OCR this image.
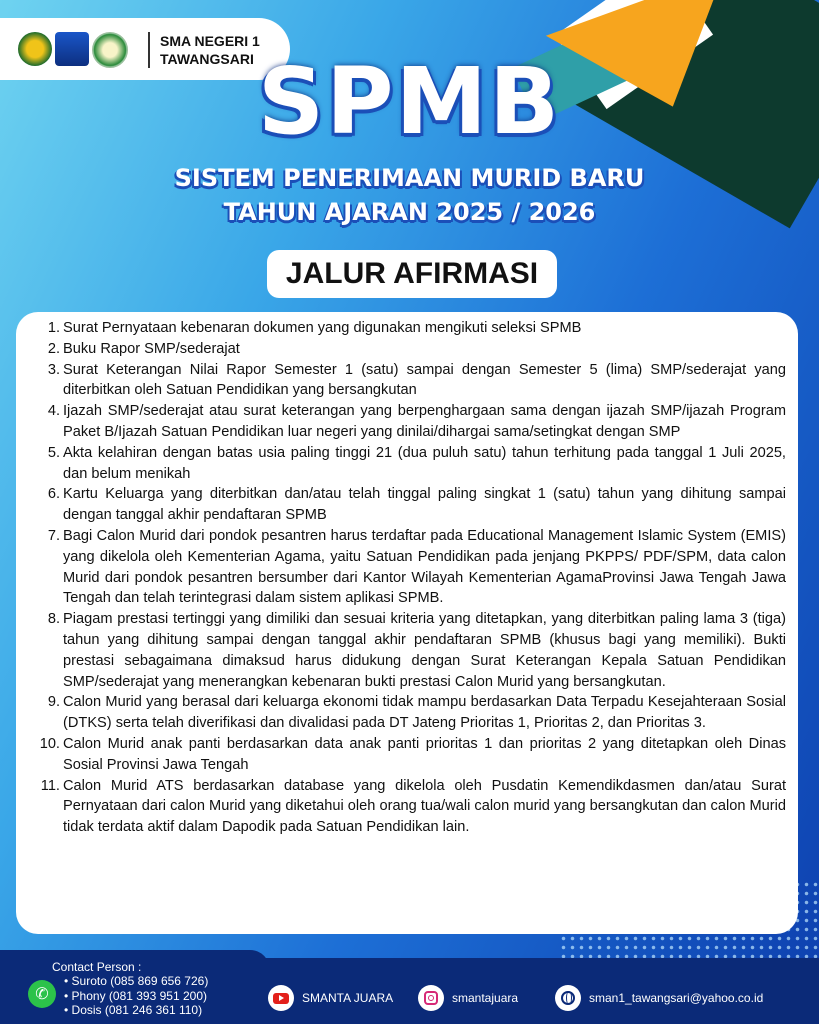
SMA NEGERI 1
TAWANGSARI SPMB
SISTEM PENERIMAAN MURID BARU
TAHUN AJARAN 2025 / 2026
JALUR AFIRMASI
1. Surat Pernyataan kebenaran dokumen yang digunakan mengikuti seleksi SPMB
2. Buku Rapor SMP/sederajat
3. Surat Keterangan Nilai Rapor Semester 1 (satu) sampai dengan Semester 5 (lima) SMP/sederajat yang diterbitkan oleh Satuan Pendidikan yang bersangkutan
4. Ijazah SMP/sederajat atau surat keterangan yang berpenghargaan sama dengan ijazah SMP/ijazah Program Paket B/Ijazah Satuan Pendidikan luar negeri yang dinilai/dihargai sama/setingkat dengan SMP
5. Akta kelahiran dengan batas usia paling tinggi 21 (dua puluh satu) tahun terhitung pada tanggal 1 Juli 2025, dan belum menikah
6. Kartu Keluarga yang diterbitkan dan/atau telah tinggal paling singkat 1 (satu) tahun yang dihitung sampai dengan tanggal akhir pendaftaran SPMB
7. Bagi Calon Murid dari pondok pesantren harus terdaftar pada Educational Management Islamic System (EMIS) yang dikelola oleh Kementerian Agama, yaitu Satuan Pendidikan pada jenjang PKPPS/ PDF/SPM, data calon Murid dari pondok pesantren bersumber dari Kantor Wilayah Kementerian AgamaProvinsi Jawa Tengah Jawa Tengah dan telah terintegrasi dalam sistem aplikasi SPMB.
8. Piagam prestasi tertinggi yang dimiliki dan sesuai kriteria yang ditetapkan, yang diterbitkan paling lama 3 (tiga) tahun yang dihitung sampai dengan tanggal akhir pendaftaran SPMB (khusus bagi yang memiliki). Bukti prestasi sebagaimana dimaksud harus didukung dengan Surat Keterangan Kepala Satuan Pendidikan SMP/sederajat yang menerangkan kebenaran bukti prestasi Calon Murid yang bersangkutan.
9. Calon Murid yang berasal dari keluarga ekonomi tidak mampu berdasarkan Data Terpadu Kesejahteraan Sosial (DTKS) serta telah diverifikasi dan divalidasi pada DT Jateng Prioritas 1, Prioritas 2, dan Prioritas 3.
10. Calon Murid anak panti berdasarkan data anak panti prioritas 1 dan prioritas 2 yang ditetapkan oleh Dinas Sosial Provinsi Jawa Tengah
11. Calon Murid ATS berdasarkan database yang dikelola oleh Pusdatin Kemendikdasmen dan/atau Surat Pernyataan dari calon Murid yang diketahui oleh orang tua/wali calon murid yang bersangkutan dan calon Murid tidak terdata aktif dalam Dapodik pada Satuan Pendidikan lain.
Contact Person :
✆
• Suroto (085 869 656 726)
• Phony (081 393 951 200)
• Dosis (081 246 361 110)
SMANTA JUARA	smantajuara	sman1_tawangsari@yahoo.co.id
